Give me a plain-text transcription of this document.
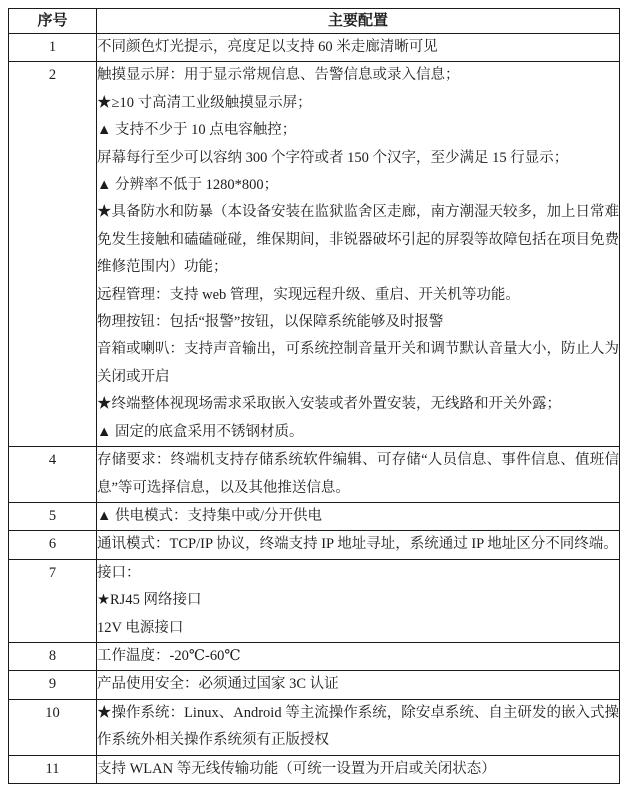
序号	主要配置
1	不同颜色灯光提示，亮度足以支持 60 米走廊清晰可见

2	触摸显示屏：用于显示常规信息、告警信息或录入信息；

★≥10 寸高清工业级触摸显示屏；

▲ 支持不少于 10 点电容触控；

屏幕每行至少可以容纳 300 个字符或者 150 个汉字，至少满足 15 行显示；

▲ 分辨率不低于 1280*800；

★具备防水和防暴（本设备安装在监狱监舍区走廊，南方潮湿天较多，加上日常难免发生接触和磕磕碰碰，维保期间，非锐器破坏引起的屏裂等故障包括在项目免费维修范围内）功能；

远程管理：支持 web 管理，实现远程升级、重启、开关机等功能。

物理按钮：包括“报警”按钮，以保障系统能够及时报警

音箱或喇叭：支持声音输出，可系统控制音量开关和调节默认音量大小，防止人为关闭或开启

★终端整体视现场需求采取嵌入安装或者外置安装，无线路和开关外露；

▲ 固定的底盒采用不锈钢材质。

4	存储要求：终端机支持存储系统软件编辑、可存储“人员信息、事件信息、值班信息”等可选择信息，以及其他推送信息。

5	▲ 供电模式：支持集中或/分开供电

6	通讯模式：TCP/IP 协议，终端支持 IP 地址寻址，系统通过 IP 地址区分不同终端。

7	接口：

★RJ45 网络接口

12V 电源接口

8	工作温度：-20℃-60℃

9	产品使用安全：必须通过国家 3C 认证

10	★操作系统：Linux、Android 等主流操作系统，除安卓系统、自主研发的嵌入式操作系统外相关操作系统须有正版授权

11	支持 WLAN 等无线传输功能（可统一设置为开启或关闭状态）
